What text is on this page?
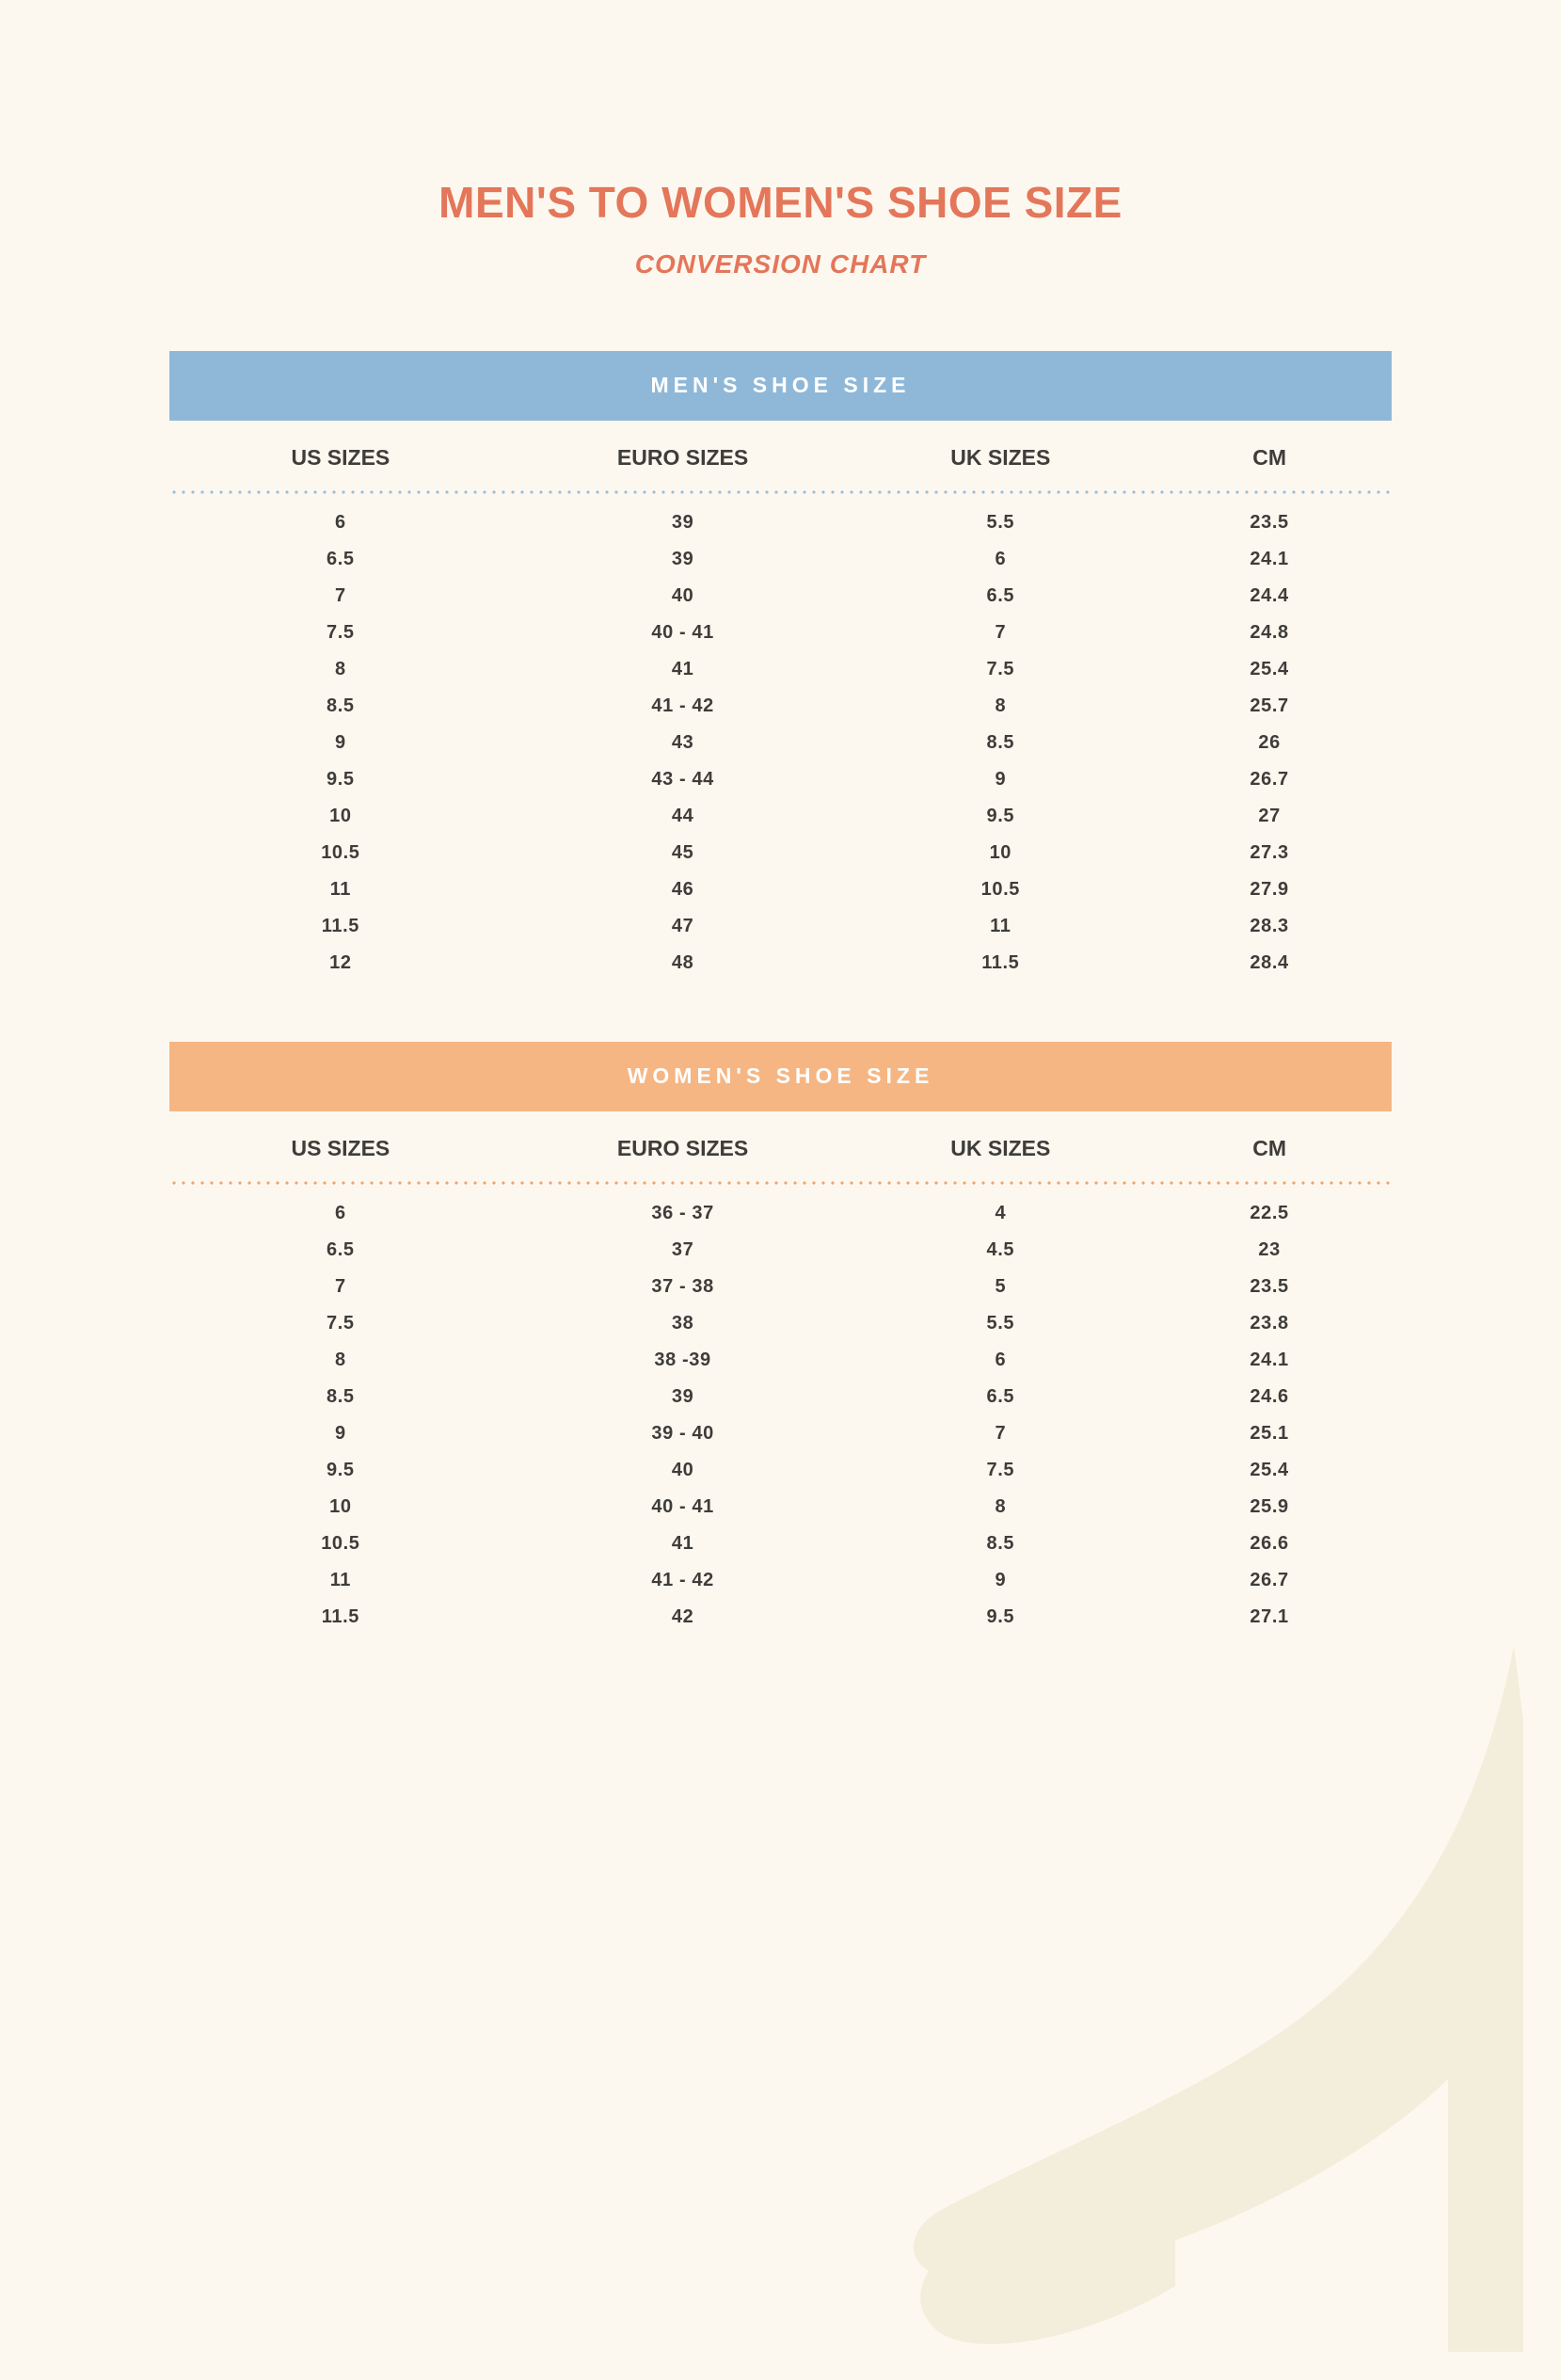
MEN'S TO WOMEN'S SHOE SIZE
CONVERSION CHART
MEN'S SHOE SIZE
US SIZES	EURO SIZES	UK SIZES	CM

6	39	5.5	23.5
6.5	39	6	24.1
7	40	6.5	24.4
7.5	40 - 41	7	24.8
8	41	7.5	25.4
8.5	41 - 42	8	25.7
9	43	8.5	26
9.5	43 - 44	9	26.7
10	44	9.5	27
10.5	45	10	27.3
11	46	10.5	27.9
11.5	47	11	28.3
12	48	11.5	28.4
WOMEN'S SHOE SIZE
US SIZES	EURO SIZES	UK SIZES	CM

6	36 - 37	4	22.5
6.5	37	4.5	23
7	37 - 38	5	23.5
7.5	38	5.5	23.8
8	38 -39	6	24.1
8.5	39	6.5	24.6
9	39 - 40	7	25.1
9.5	40	7.5	25.4
10	40 - 41	8	25.9
10.5	41	8.5	26.6
11	41 - 42	9	26.7
11.5	42	9.5	27.1
